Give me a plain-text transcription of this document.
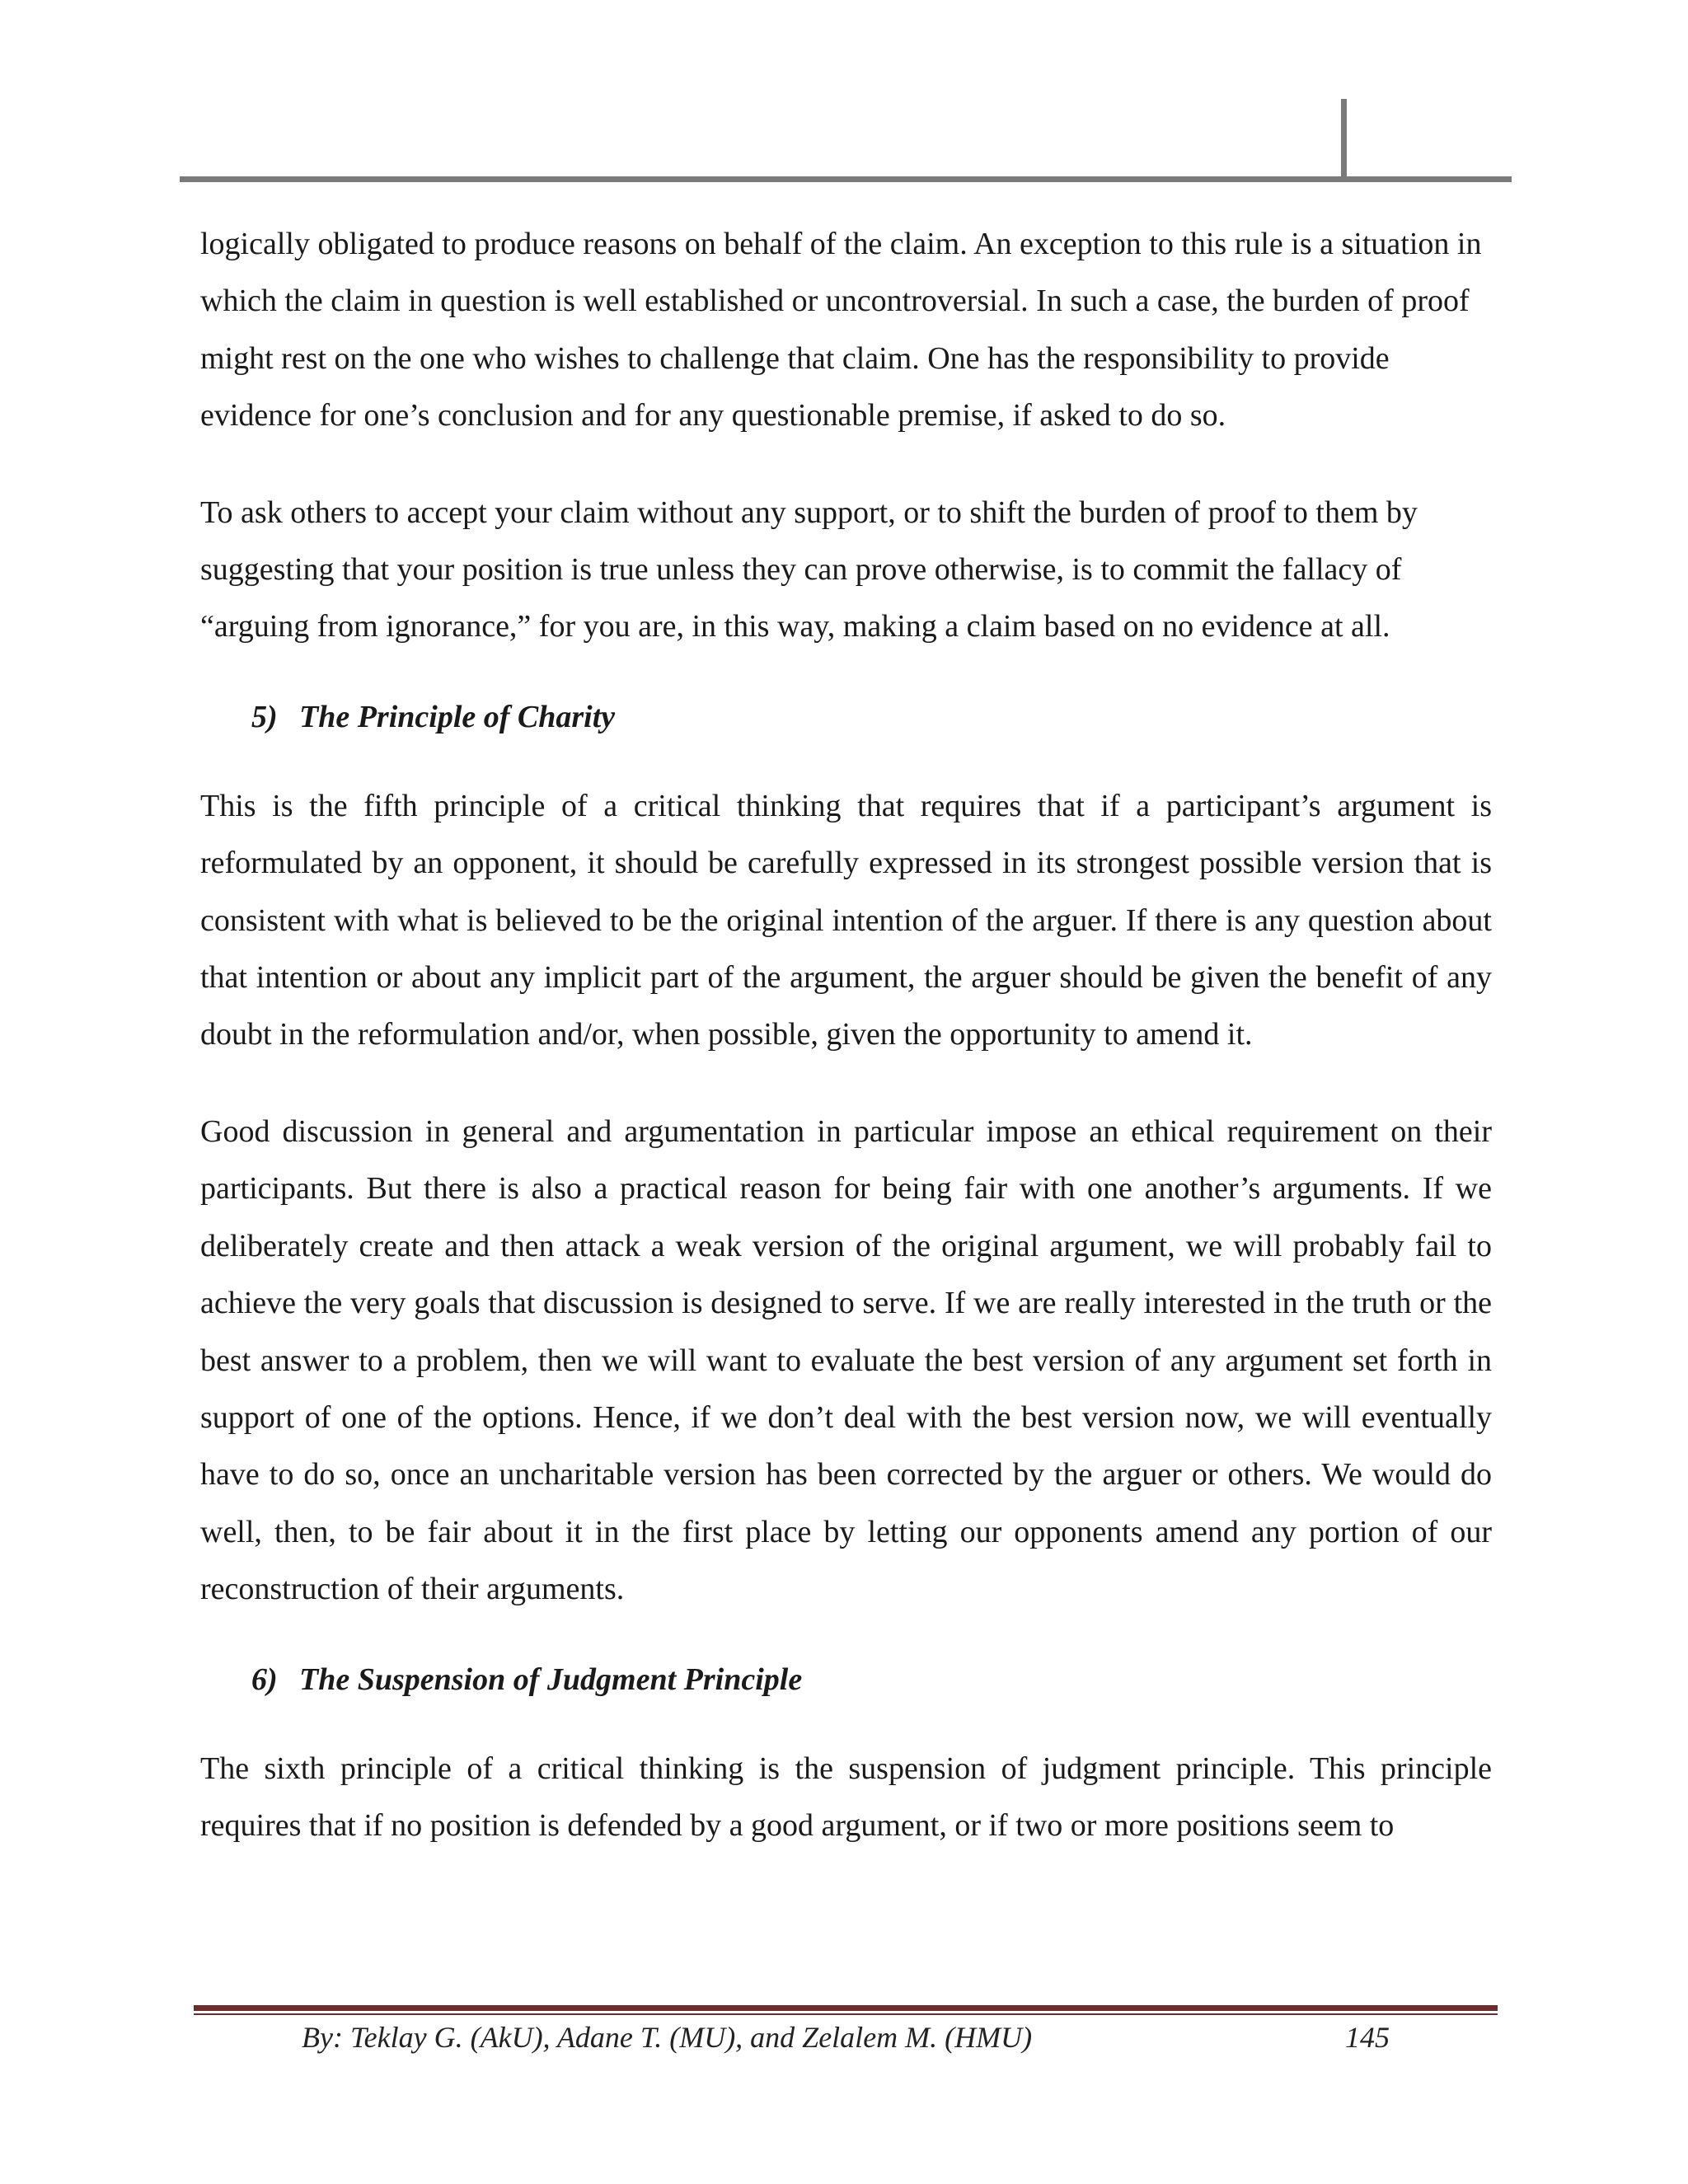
logically obligated to produce reasons on behalf of the claim. An exception to this rule is a situation in which the claim in question is well established or uncontroversial. In such a case, the burden of proof might rest on the one who wishes to challenge that claim. One has the responsibility to provide evidence for one’s conclusion and for any questionable premise, if asked to do so.

To ask others to accept your claim without any support, or to shift the burden of proof to them by suggesting that your position is true unless they can prove otherwise, is to commit the fallacy of “arguing from ignorance,” for you are, in this way, making a claim based on no evidence at all.

5) The Principle of Charity

This is the fifth principle of a critical thinking that requires that if a participant’s argument is reformulated by an opponent, it should be carefully expressed in its strongest possible version that is consistent with what is believed to be the original intention of the arguer. If there is any question about that intention or about any implicit part of the argument, the arguer should be given the benefit of any doubt in the reformulation and/or, when possible, given the opportunity to amend it.

Good discussion in general and argumentation in particular impose an ethical requirement on their participants. But there is also a practical reason for being fair with one another’s arguments. If we deliberately create and then attack a weak version of the original argument, we will probably fail to achieve the very goals that discussion is designed to serve. If we are really interested in the truth or the best answer to a problem, then we will want to evaluate the best version of any argument set forth in support of one of the options. Hence, if we don’t deal with the best version now, we will eventually have to do so, once an uncharitable version has been corrected by the arguer or others. We would do well, then, to be fair about it in the first place by letting our opponents amend any portion of our reconstruction of their arguments.

6) The Suspension of Judgment Principle

The sixth principle of a critical thinking is the suspension of judgment principle. This principle requires that if no position is defended by a good argument, or if two or more positions seem to

By: Teklay G. (AkU), Adane T. (MU), and Zelalem M. (HMU)	145
